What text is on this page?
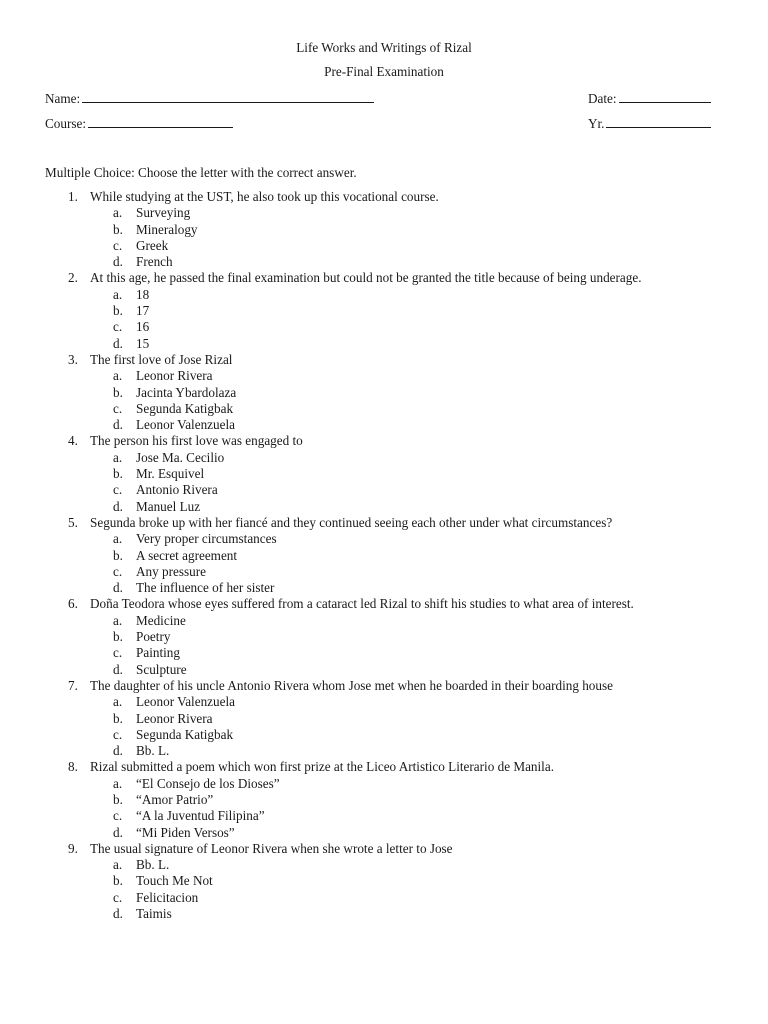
Life Works and Writings of Rizal
Pre-Final Examination
Name:	Date:
Course:	Yr.
Multiple Choice: Choose the letter with the correct answer.
1. While studying at the UST, he also took up this vocational course.
a. Surveying
b. Mineralogy
c. Greek
d. French
2. At this age, he passed the final examination but could not be granted the title because of being underage.
a. 18
b. 17
c. 16
d. 15
3. The first love of Jose Rizal
a. Leonor Rivera
b. Jacinta Ybardolaza
c. Segunda Katigbak
d. Leonor Valenzuela
4. The person his first love was engaged to
a. Jose Ma. Cecilio
b. Mr. Esquivel
c. Antonio Rivera
d. Manuel Luz
5. Segunda broke up with her fiancé and they continued seeing each other under what circumstances?
a. Very proper circumstances
b. A secret agreement
c. Any pressure
d. The influence of her sister
6. Doña Teodora whose eyes suffered from a cataract led Rizal to shift his studies to what area of interest.
a. Medicine
b. Poetry
c. Painting
d. Sculpture
7. The daughter of his uncle Antonio Rivera whom Jose met when he boarded in their boarding house
a. Leonor Valenzuela
b. Leonor Rivera
c. Segunda Katigbak
d. Bb. L.
8. Rizal submitted a poem which won first prize at the Liceo Artistico Literario de Manila.
a. “El Consejo de los Dioses”
b. “Amor Patrio”
c. “A la Juventud Filipina”
d. “Mi Piden Versos”
9. The usual signature of Leonor Rivera when she wrote a letter to Jose
a. Bb. L.
b. Touch Me Not
c. Felicitacion
d. Taimis
